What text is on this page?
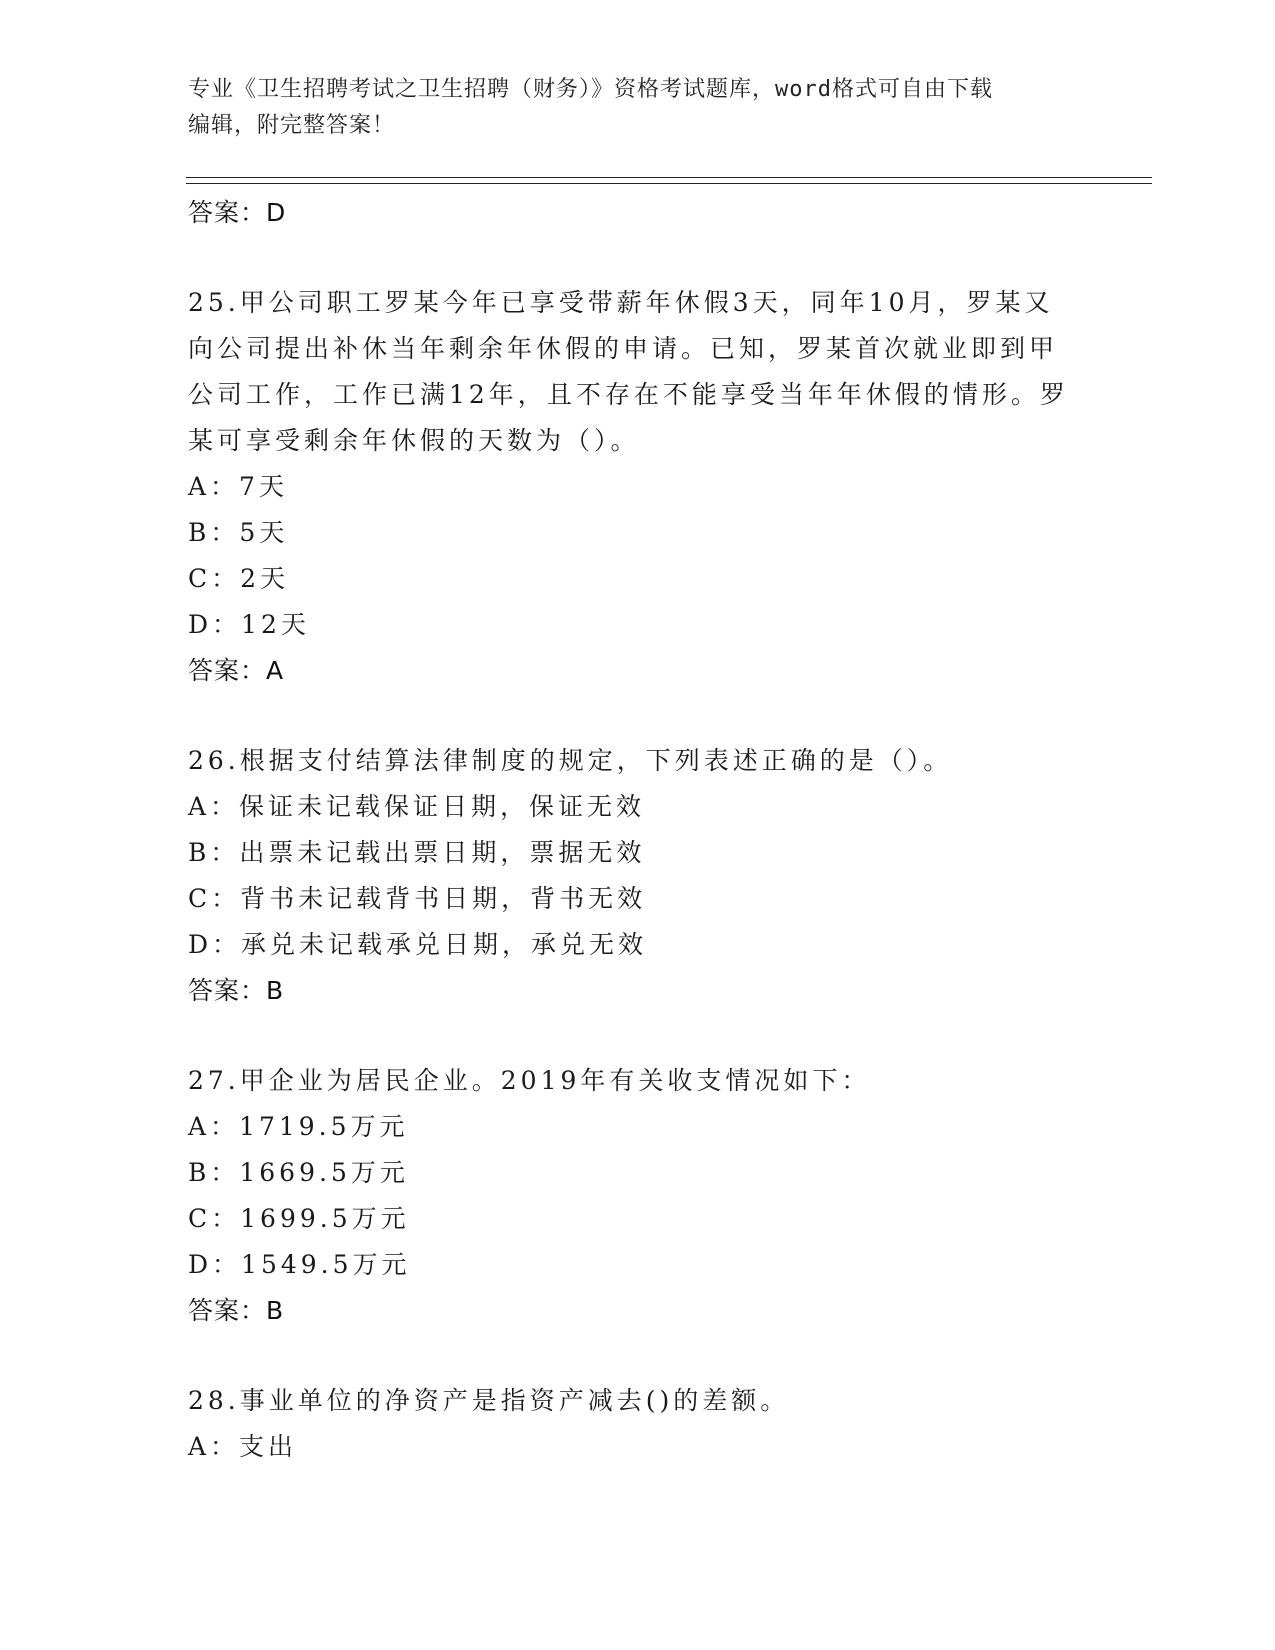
专业《卫生招聘考试之卫生招聘（财务）》资格考试题库，word格式可自由下载
编辑，附完整答案！
答案：D
25.甲公司职工罗某今年已享受带薪年休假3天，同年10月，罗某又
向公司提出补休当年剩余年休假的申请。已知，罗某首次就业即到甲
公司工作，工作已满12年，且不存在不能享受当年年休假的情形。罗
某可享受剩余年休假的天数为（）。
A：7天
B：5天
C：2天
D：12天
答案：A
26.根据支付结算法律制度的规定，下列表述正确的是（）。
A：保证未记载保证日期，保证无效
B：出票未记载出票日期，票据无效
C：背书未记载背书日期，背书无效
D：承兑未记载承兑日期，承兑无效
答案：B
27.甲企业为居民企业。2019年有关收支情况如下：
A：1719.5万元
B：1669.5万元
C：1699.5万元
D：1549.5万元
答案：B
28.事业单位的净资产是指资产减去()的差额。
A：支出
